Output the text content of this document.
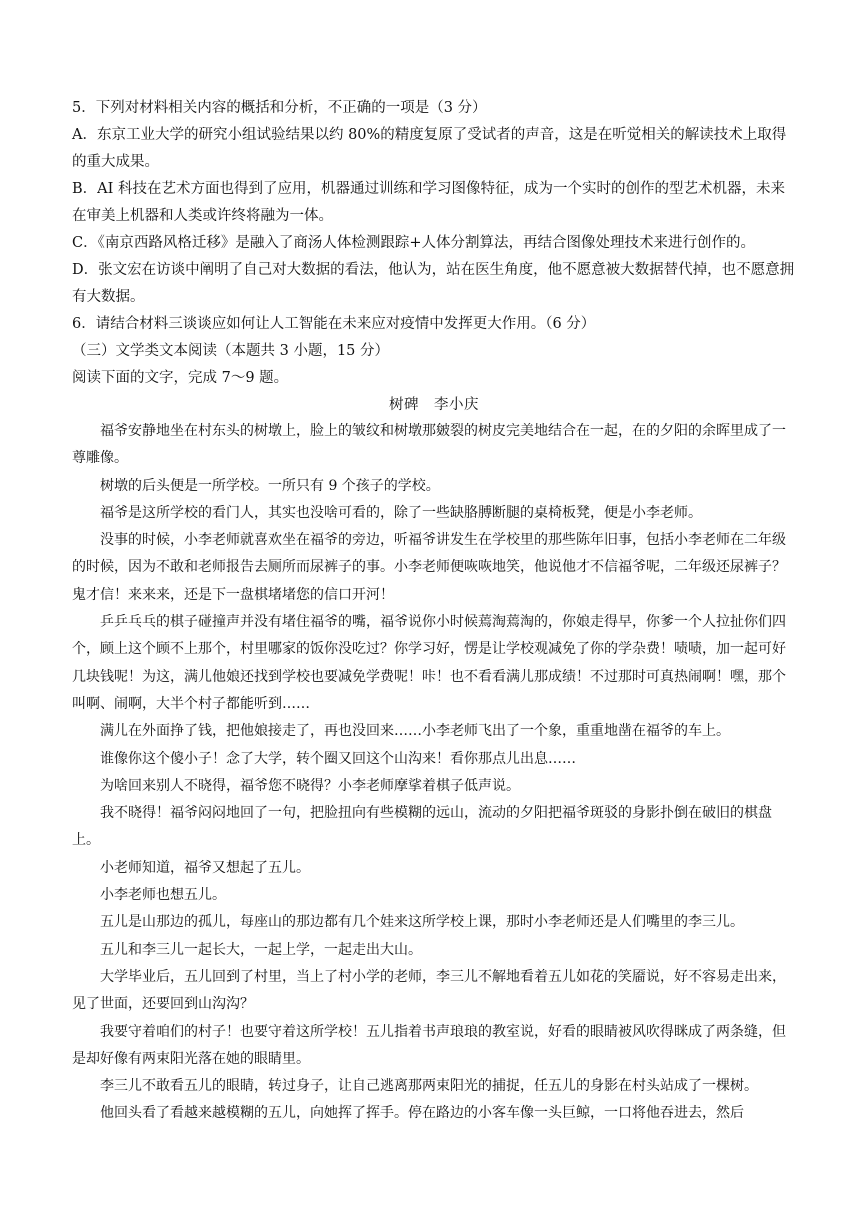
5．下列对材料相关内容的概括和分析，不正确的一项是（3 分）

A．东京工业大学的研究小组试验结果以约 80%的精度复原了受试者的声音，这是在听觉相关的解读技术上取得的重大成果。

B．AI 科技在艺术方面也得到了应用，机器通过训练和学习图像特征，成为一个实时的创作的型艺术机器，未来在审美上机器和人类或许终将融为一体。

C．《南京西路风格迁移》是融入了商汤人体检测跟踪+人体分割算法，再结合图像处理技术来进行创作的。

D．张文宏在访谈中阐明了自己对大数据的看法，他认为，站在医生角度，他不愿意被大数据替代掉，也不愿意拥有大数据。

6．请结合材料三谈谈应如何让人工智能在未来应对疫情中发挥更大作用。（6 分）

（三）文学类文本阅读（本题共 3 小题，15 分）

阅读下面的文字，完成 7～9 题。

树碑　李小庆

福爷安静地坐在村东头的树墩上，脸上的皱纹和树墩那皴裂的树皮完美地结合在一起，在的夕阳的余晖里成了一尊雕像。

树墩的后头便是一所学校。一所只有 9 个孩子的学校。

福爷是这所学校的看门人，其实也没啥可看的，除了一些缺胳膊断腿的桌椅板凳，便是小李老师。

没事的时候，小李老师就喜欢坐在福爷的旁边，听福爷讲发生在学校里的那些陈年旧事，包括小李老师在二年级的时候，因为不敢和老师报告去厕所而尿裤子的事。小李老师便咴咴地笑，他说他才不信福爷呢，二年级还尿裤子？鬼才信！来来来，还是下一盘棋堵堵您的信口开河！

乒乒乓乓的棋子碰撞声并没有堵住福爷的嘴，福爷说你小时候蔫淘蔫淘的，你娘走得早，你爹一个人拉扯你们四个，顾上这个顾不上那个，村里哪家的饭你没吃过？你学习好，愣是让学校观减免了你的学杂费！啧啧，加一起可好几块钱呢！为这，满儿他娘还找到学校也要减免学费呢！咔！也不看看满儿那成绩！不过那时可真热闹啊！嘿，那个叫啊、闹啊，大半个村子都能听到……

满儿在外面挣了钱，把他娘接走了，再也没回来……小李老师飞出了一个象，重重地凿在福爷的车上。

谁像你这个傻小子！念了大学，转个圈又回这个山沟来！看你那点儿出息……

为啥回来别人不晓得，福爷您不晓得？小李老师摩挲着棋子低声说。

我不晓得！福爷闷闷地回了一句，把脸扭向有些模糊的远山，流动的夕阳把福爷斑驳的身影扑倒在破旧的棋盘上。

小老师知道，福爷又想起了五儿。

小李老师也想五儿。

五儿是山那边的孤儿，每座山的那边都有几个娃来这所学校上课，那时小李老师还是人们嘴里的李三儿。

五儿和李三儿一起长大，一起上学，一起走出大山。

大学毕业后，五儿回到了村里，当上了村小学的老师，李三儿不解地看着五儿如花的笑靥说，好不容易走出来，见了世面，还要回到山沟沟？

我要守着咱们的村子！也要守着这所学校！五儿指着书声琅琅的教室说，好看的眼睛被风吹得眯成了两条缝，但是却好像有两束阳光落在她的眼睛里。

李三儿不敢看五儿的眼睛，转过身子，让自己逃离那两束阳光的捕捉，任五儿的身影在村头站成了一棵树。

他回头看了看越来越模糊的五儿，向她挥了挥手。停在路边的小客车像一头巨鲸，一口将他吞进去，然后
